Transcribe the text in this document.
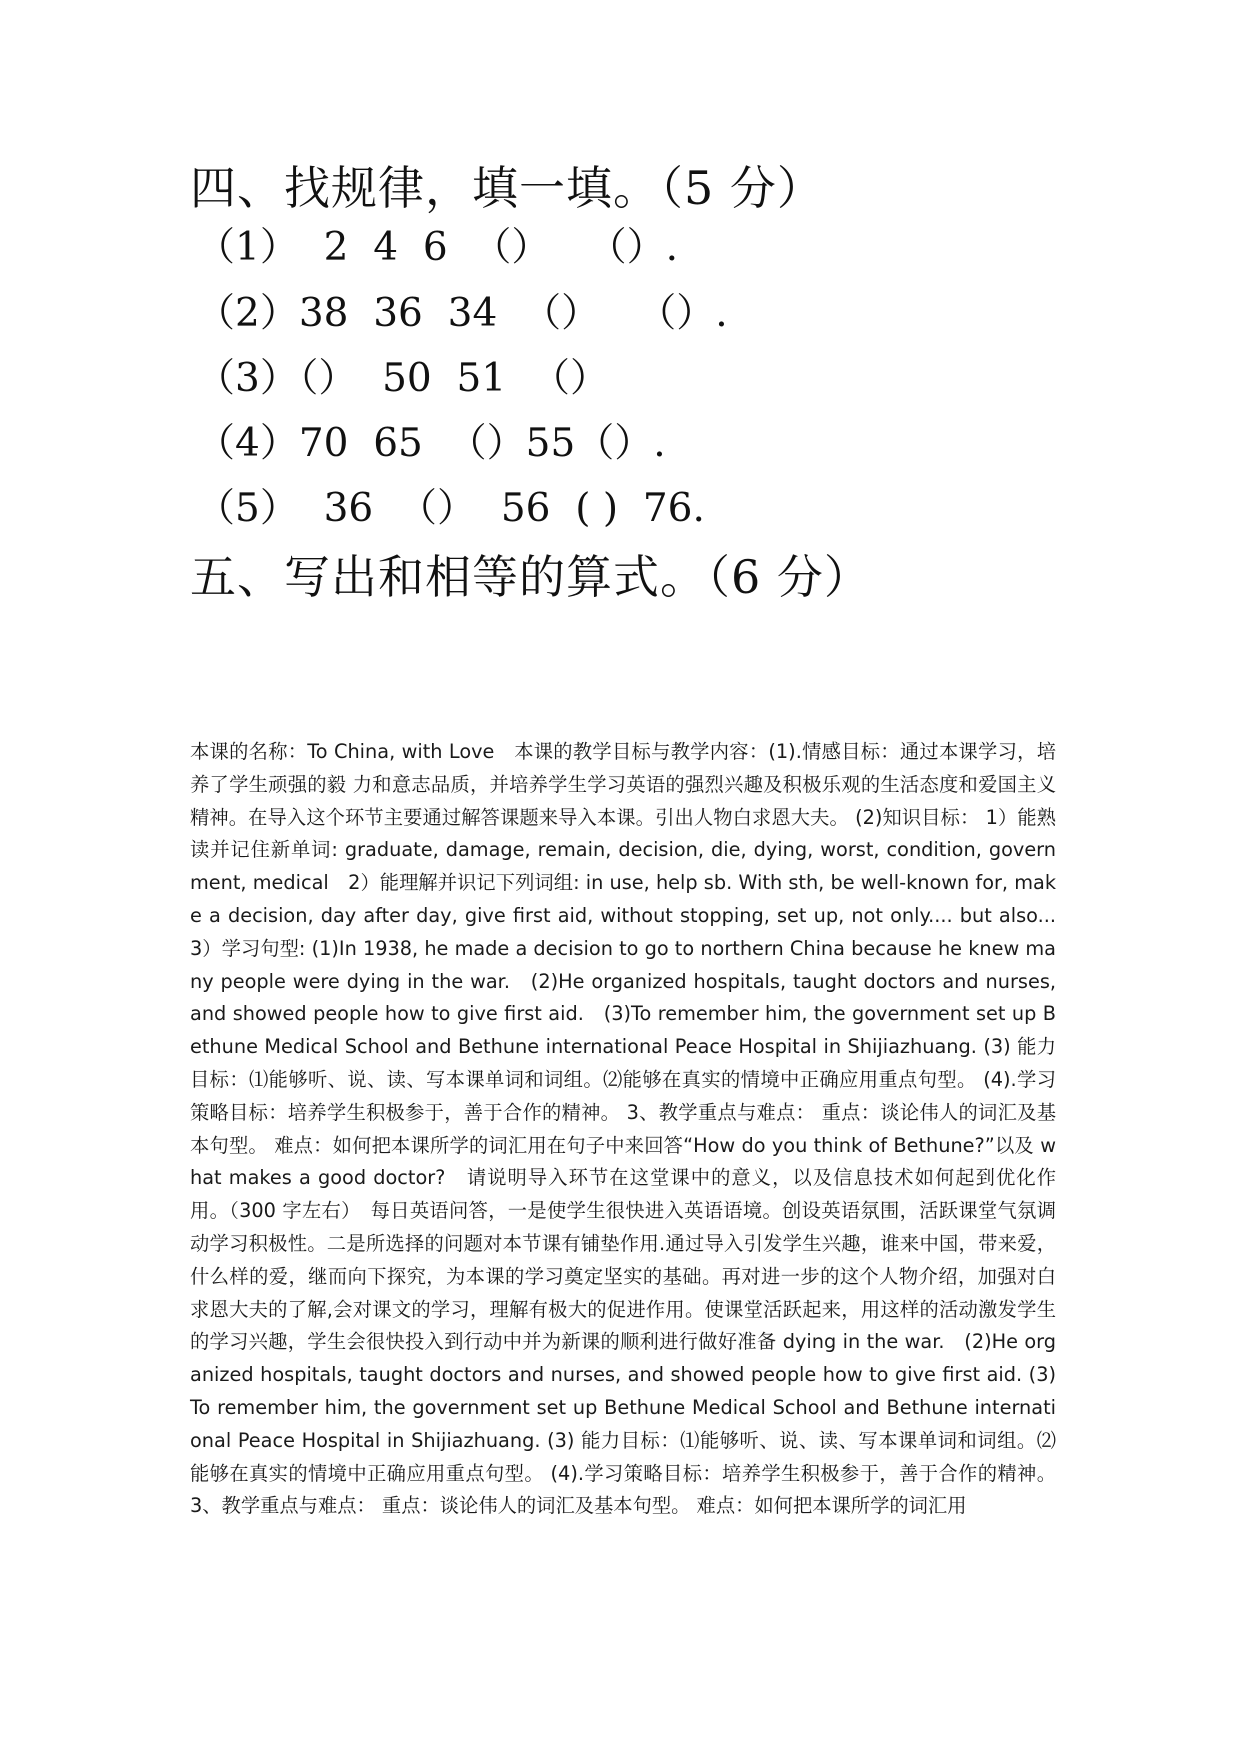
四、找规律，填一填。（5 分）
（1）  2  4  6  （）   （）.
（2）38  36  34  （）   （）.
（3）（）  50  51  （）
（4）70  65  （）55（）.
（5）  36  （）  56  ( )  76.
五、写出和相等的算式。（6 分）
本课的名称：To China, with Love　本课的教学目标与教学内容：(1).情感目标：通过本课学习，培养了学生顽强的毅 力和意志品质，并培养学生学习英语的强烈兴趣及积极乐观的生活态度和爱国主义精神。在导入这个环节主要通过解答课题来导入本课。引出人物白求恩大夫。 (2)知识目标： 1）能熟读并记住新单词: graduate, damage, remain, decision, die, dying, worst, condition, government, medical　2）能理解并识记下列词组: in use, help sb. With sth, be well-known for, make a decision, day after day, give first aid, without stopping, set up, not only.... but also...　3）学习句型: (1)In 1938, he made a decision to go to northern China because he knew many people were dying in the war.　(2)He organized hospitals, taught doctors and nurses, and showed people how to give first aid.　(3)To remember him, the government set up Bethune Medical School and Bethune international Peace Hospital in Shijiazhuang. (3) 能力目标：⑴能够听、说、读、写本课单词和词组。⑵能够在真实的情境中正确应用重点句型。 (4).学习策略目标：培养学生积极参于，善于合作的精神。 3、教学重点与难点： 重点：谈论伟人的词汇及基本句型。 难点：如何把本课所学的词汇用在句子中来回答“How do you think of Bethune?”以及 what makes a good doctor?　请说明导入环节在这堂课中的意义，以及信息技术如何起到优化作用。（300 字左右）　每日英语问答，一是使学生很快进入英语语境。创设英语氛围，活跃课堂气氛调动学习积极性。二是所选择的问题对本节课有铺垫作用.通过导入引发学生兴趣，谁来中国，带来爱，什么样的爱，继而向下探究，为本课的学习奠定坚实的基础。再对进一步的这个人物介绍，加强对白求恩大夫的了解,会对课文的学习，理解有极大的促进作用。使课堂活跃起来，用这样的活动激发学生的学习兴趣，学生会很快投入到行动中并为新课的顺利进行做好准备 dying in the war.　(2)He organized hospitals, taught doctors and nurses, and showed people how to give first aid. (3)To remember him, the government set up Bethune Medical School and Bethune international Peace Hospital in Shijiazhuang. (3) 能力目标：⑴能够听、说、读、写本课单词和词组。⑵能够在真实的情境中正确应用重点句型。 (4).学习策略目标：培养学生积极参于，善于合作的精神。 3、教学重点与难点： 重点：谈论伟人的词汇及基本句型。 难点：如何把本课所学的词汇用
